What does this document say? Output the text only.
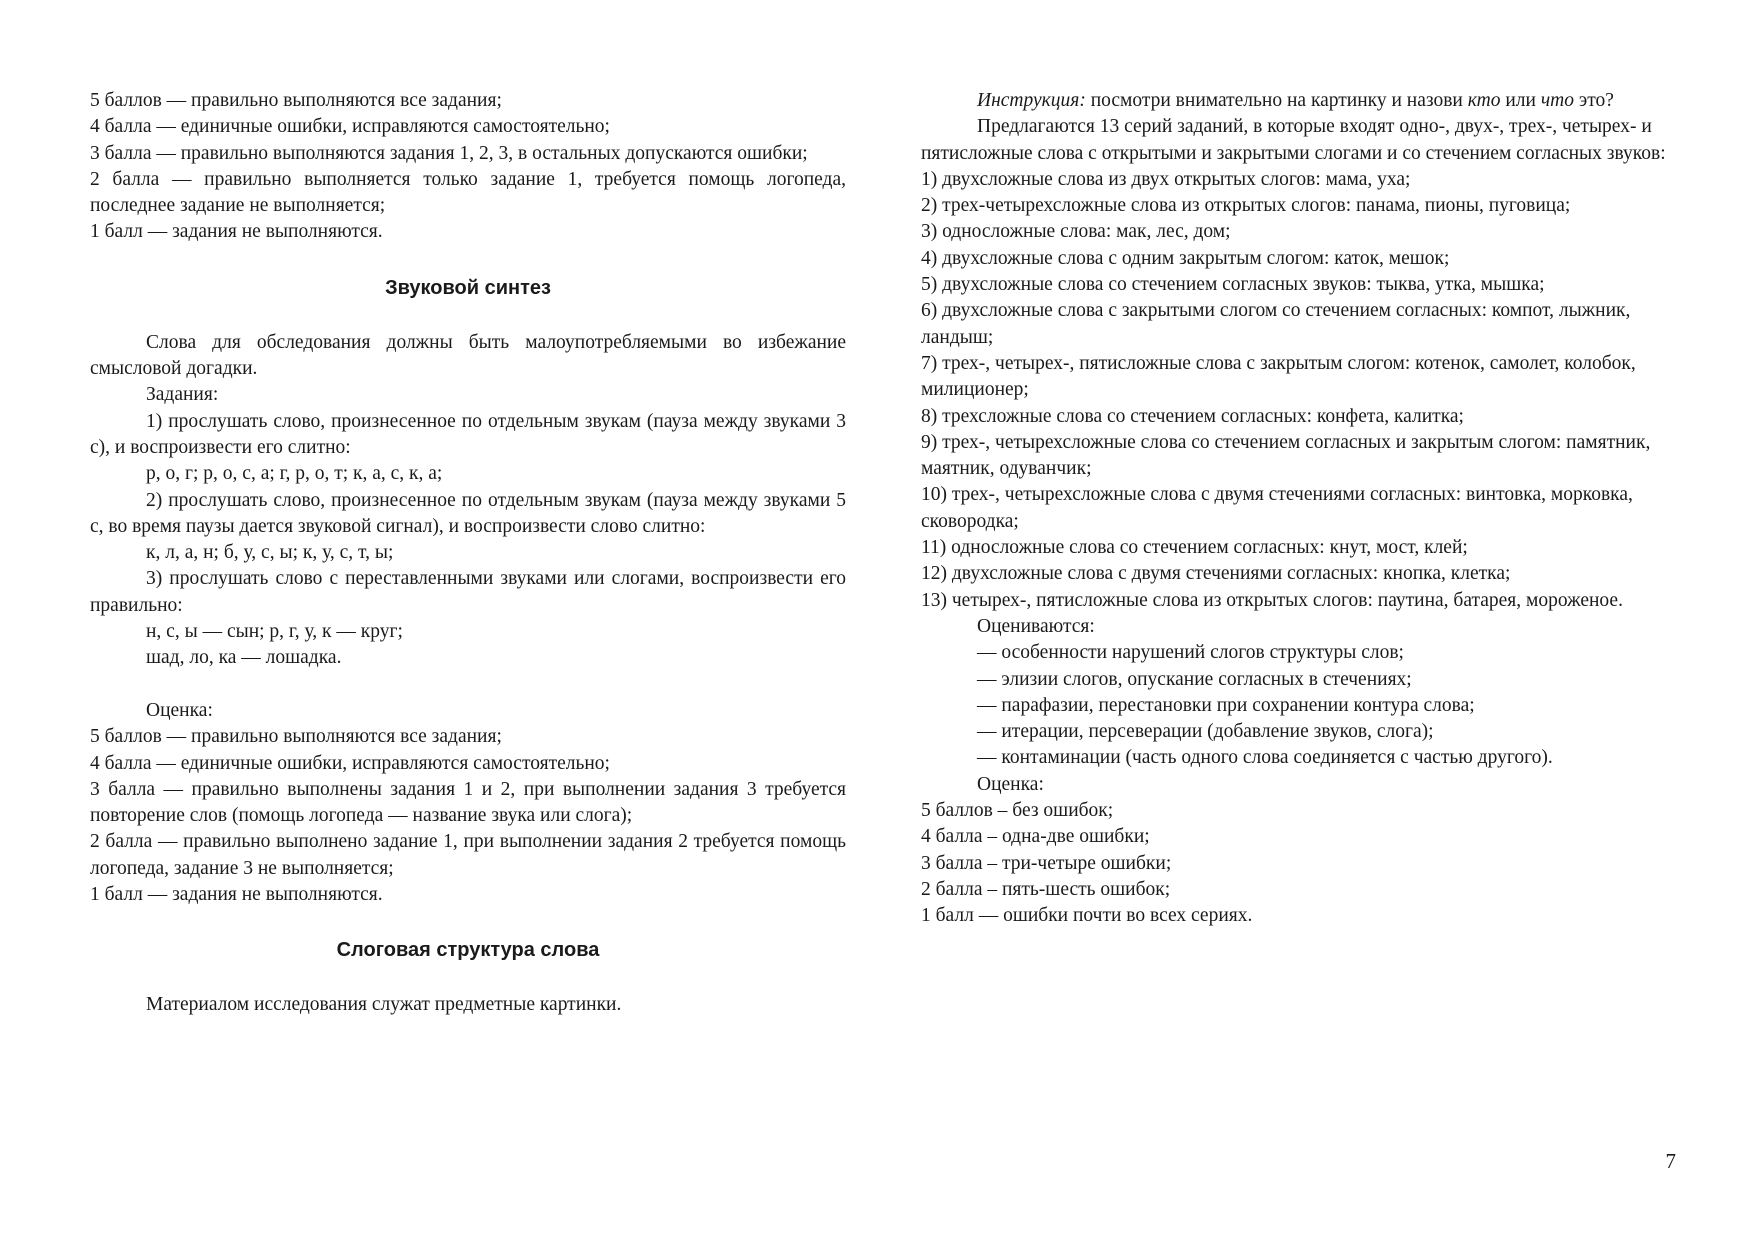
5 баллов — правильно выполняются все задания;

4 балла — единичные ошибки, исправляются самостоятельно;

3 балла — правильно выполняются задания 1, 2, 3, в остальных допускаются ошибки;

2 балла — правильно выполняется только задание 1, требуется помощь логопеда, последнее задание не выполняется;

1 балл — задания не выполняются.

Звуковой синтез

Слова для обследования должны быть малоупотребляемыми во избежание смысловой догадки.

Задания:

1) прослушать слово, произнесенное по отдельным звукам (пауза между звуками 3 с), и воспроизвести его слитно:

р, о, г; р, о, с, а; г, р, о, т; к, а, с, к, а;

2) прослушать слово, произнесенное по отдельным звукам (пауза между звуками 5 с, во время паузы дается звуковой сигнал), и воспроизвести слово слитно:

к, л, а, н; б, у, с, ы; к, у, с, т, ы;

3) прослушать слово с переставленными звуками или слогами, воспроизвести его правильно:

н, с, ы — сын; р, г, у, к — круг;

шад, ло, ка — лошадка.

Оценка:

5 баллов — правильно выполняются все задания;

4 балла — единичные ошибки, исправляются самостоятельно;

3 балла — правильно выполнены задания 1 и 2, при выполнении задания 3 требуется повторение слов (помощь логопеда — название звука или слога);

2 балла — правильно выполнено задание 1, при выполнении задания 2 требуется помощь логопеда, задание 3 не выполняется;

1 балл — задания не выполняются.

Слоговая структура слова

Материалом исследования служат предметные картинки.

Инструкция: посмотри внимательно на картинку и назови кто или что это?

Предлагаются 13 серий заданий, в которые входят одно-, двух-, трех-, четырех- и пятисложные слова с открытыми и закрытыми слогами и со стечением согласных звуков:

1) двухсложные слова из двух открытых слогов: мама, уха;

2) трех-четырехсложные слова из открытых слогов: панама, пионы, пуговица;

3) односложные слова: мак, лес, дом;

4) двухсложные слова с одним закрытым слогом: каток, мешок;

5) двухсложные слова со стечением согласных звуков: тыква, утка, мышка;

6) двухсложные слова с закрытыми слогом со стечением согласных: компот, лыжник, ландыш;

7) трех-, четырех-, пятисложные слова с закрытым слогом: котенок, самолет, колобок, милиционер;

8) трехсложные слова со стечением согласных: конфета, калитка;

9) трех-, четырехсложные слова со стечением согласных и закрытым слогом: памятник, маятник, одуванчик;

10) трех-, четырехсложные слова с двумя стечениями согласных: винтовка, морковка, сковородка;

11) односложные слова со стечением согласных: кнут, мост, клей;

12) двухсложные слова с двумя стечениями согласных: кнопка, клетка;

13) четырех-, пятисложные слова из открытых слогов: паутина, батарея, мороженое.

Оцениваются:

— особенности нарушений слогов структуры слов;

— элизии слогов, опускание согласных в стечениях;

— парафазии, перестановки при сохранении контура слова;

— итерации, персеверации (добавление звуков, слога);

— контаминации (часть одного слова соединяется с частью другого).

Оценка:

5 баллов – без ошибок;

4 балла – одна-две ошибки;

3 балла – три-четыре ошибки;

2 балла – пять-шесть ошибок;

1 балл — ошибки почти во всех сериях.

7
